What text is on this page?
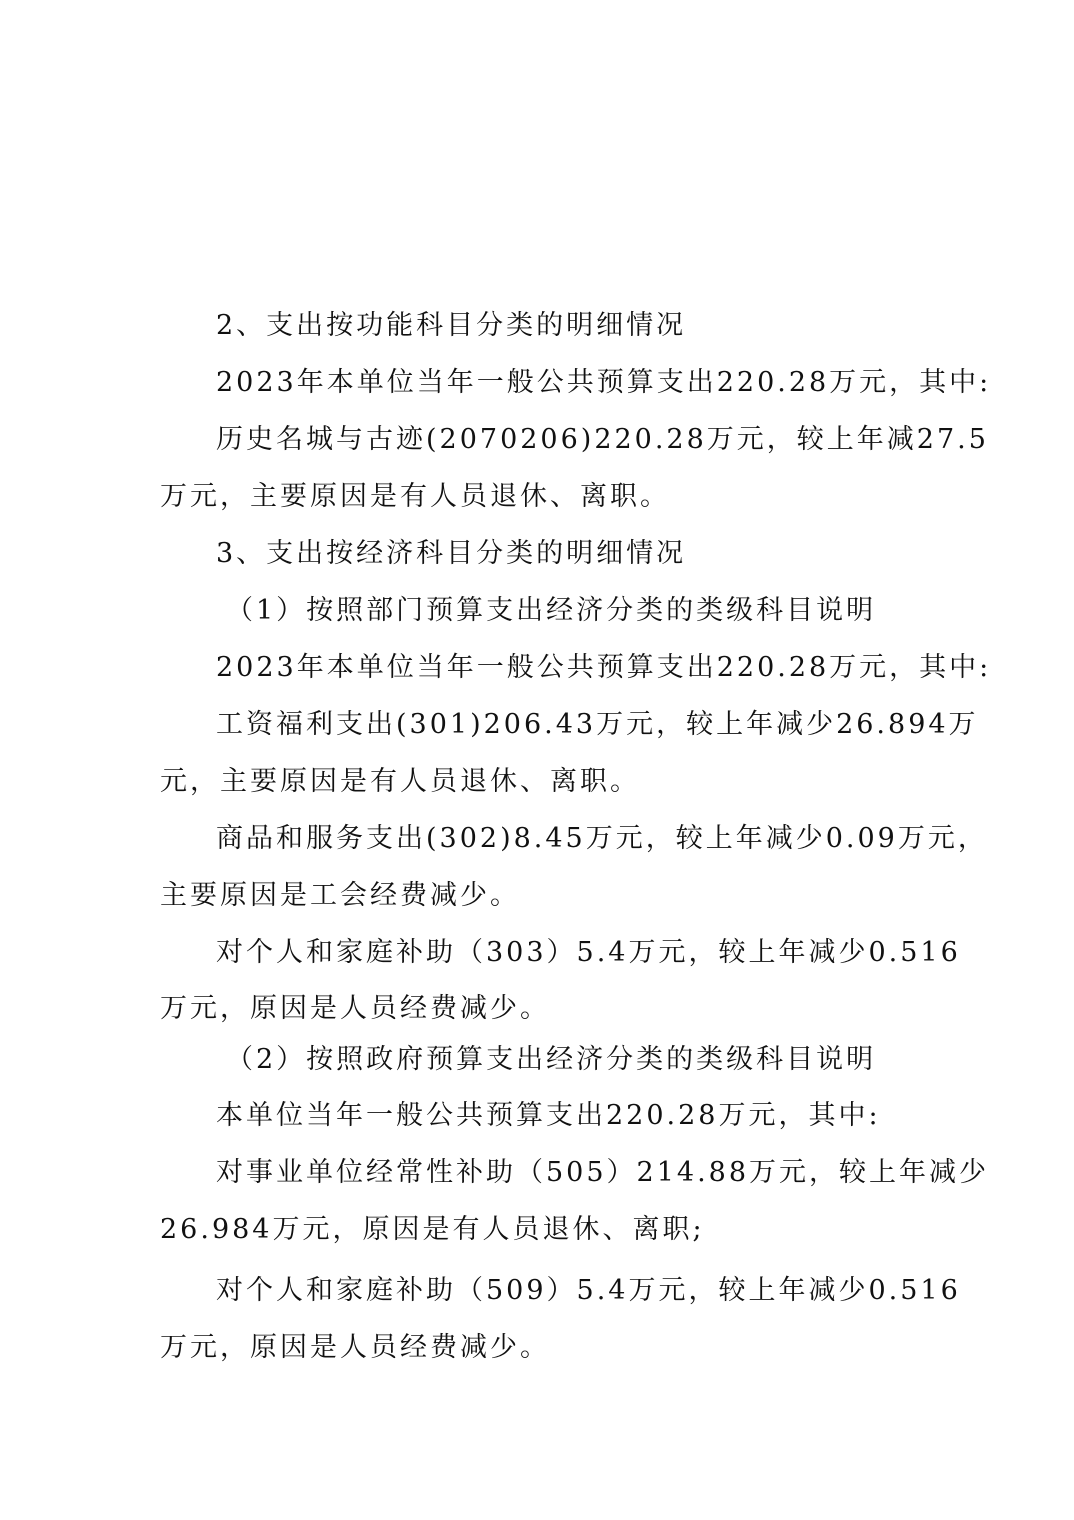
2、支出按功能科目分类的明细情况
2023年本单位当年一般公共预算支出220.28万元，其中:
历史名城与古迹(2070206)220.28万元，较上年减27.5
万元，主要原因是有人员退休、离职。
3、支出按经济科目分类的明细情况
（1）按照部门预算支出经济分类的类级科目说明
2023年本单位当年一般公共预算支出220.28万元，其中:
工资福利支出(301)206.43万元，较上年减少26.894万
元，主要原因是有人员退休、离职。
商品和服务支出(302)8.45万元，较上年减少0.09万元，
主要原因是工会经费减少。
对个人和家庭补助（303）5.4万元，较上年减少0.516
万元，原因是人员经费减少。
（2）按照政府预算支出经济分类的类级科目说明
本单位当年一般公共预算支出220.28万元，其中:
对事业单位经常性补助（505）214.88万元，较上年减少
26.984万元，原因是有人员退休、离职;
对个人和家庭补助（509）5.4万元，较上年减少0.516
万元，原因是人员经费减少。
